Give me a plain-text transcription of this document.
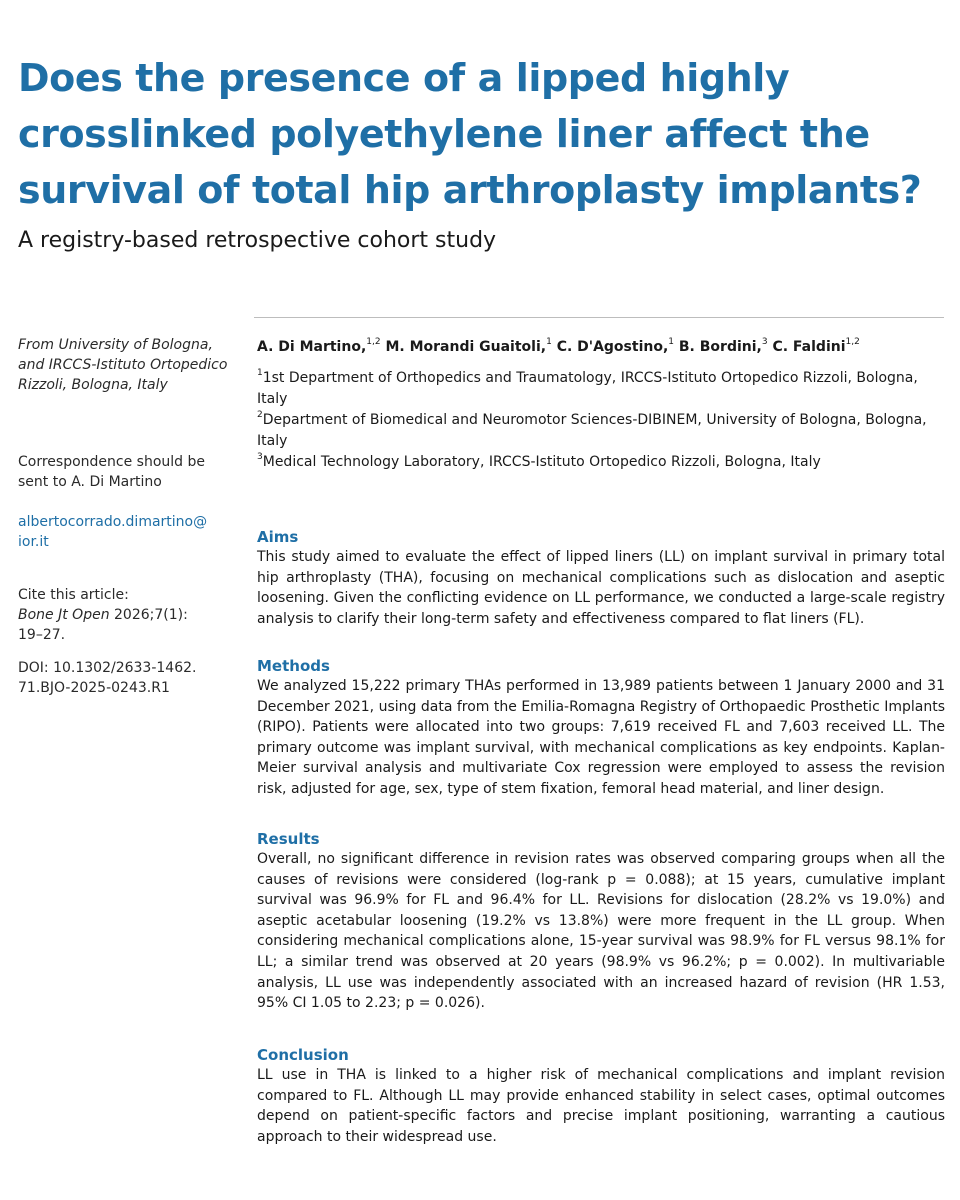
Does the presence of a lipped highly crosslinked polyethylene liner affect the survival of total hip arthroplasty implants?
A registry-based retrospective cohort study

From University of Bologna,
and IRCCS-Istituto Ortopedico
Rizzoli, Bologna, Italy

Correspondence should be
sent to A. Di Martino

albertocorrado.dimartino@
ior.it

Cite this article:
Bone Jt Open 2026;7(1):
19–27.

DOI: 10.1302/2633-1462.
71.BJO-2025-0243.R1

A. Di Martino,$^{1,2}$ M. Morandi Guaitoli,$^1$ C. D'Agostino,$^1$ B. Bordini,$^3$ C. Faldini$^{1,2}$
$^1$1st Department of Orthopedics and Traumatology, IRCCS-Istituto Ortopedico Rizzoli, Bologna, Italy
$^2$Department of Biomedical and Neuromotor Sciences-DIBINEM, University of Bologna, Bologna, Italy
$^3$Medical Technology Laboratory, IRCCS-Istituto Ortopedico Rizzoli, Bologna, Italy
Aims

This study aimed to evaluate the effect of lipped liners (LL) on implant survival in primary total hip arthroplasty (THA), focusing on mechanical complications such as dislocation and aseptic loosening. Given the conflicting evidence on LL performance, we conducted a large-scale registry analysis to clarify their long-term safety and effectiveness compared to flat liners (FL).

Methods

We analyzed 15,222 primary THAs performed in 13,989 patients between 1 January 2000 and 31 December 2021, using data from the Emilia-Romagna Registry of Orthopaedic Prosthetic Implants (RIPO). Patients were allocated into two groups: 7,619 received FL and 7,603 received LL. The primary outcome was implant survival, with mechanical complications as key endpoints. Kaplan-Meier survival analysis and multivariate Cox regression were employed to assess the revision risk, adjusted for age, sex, type of stem fixation, femoral head material, and liner design.

Results

Overall, no significant difference in revision rates was observed comparing groups when all the causes of revisions were considered (log-rank p = 0.088); at 15 years, cumulative implant survival was 96.9% for FL and 96.4% for LL. Revisions for dislocation (28.2% vs 19.0%) and aseptic acetabular loosening (19.2% vs 13.8%) were more frequent in the LL group. When considering mechanical complications alone, 15-year survival was 98.9% for FL versus 98.1% for LL; a similar trend was observed at 20 years (98.9% vs 96.2%; p = 0.002). In multivariable analysis, LL use was independently associated with an increased hazard of revision (HR 1.53, 95% CI 1.05 to 2.23; p = 0.026).

Conclusion

LL use in THA is linked to a higher risk of mechanical complications and implant revision compared to FL. Although LL may provide enhanced stability in select cases, optimal outcomes depend on patient-specific factors and precise implant positioning, warranting a cautious approach to their widespread use.
